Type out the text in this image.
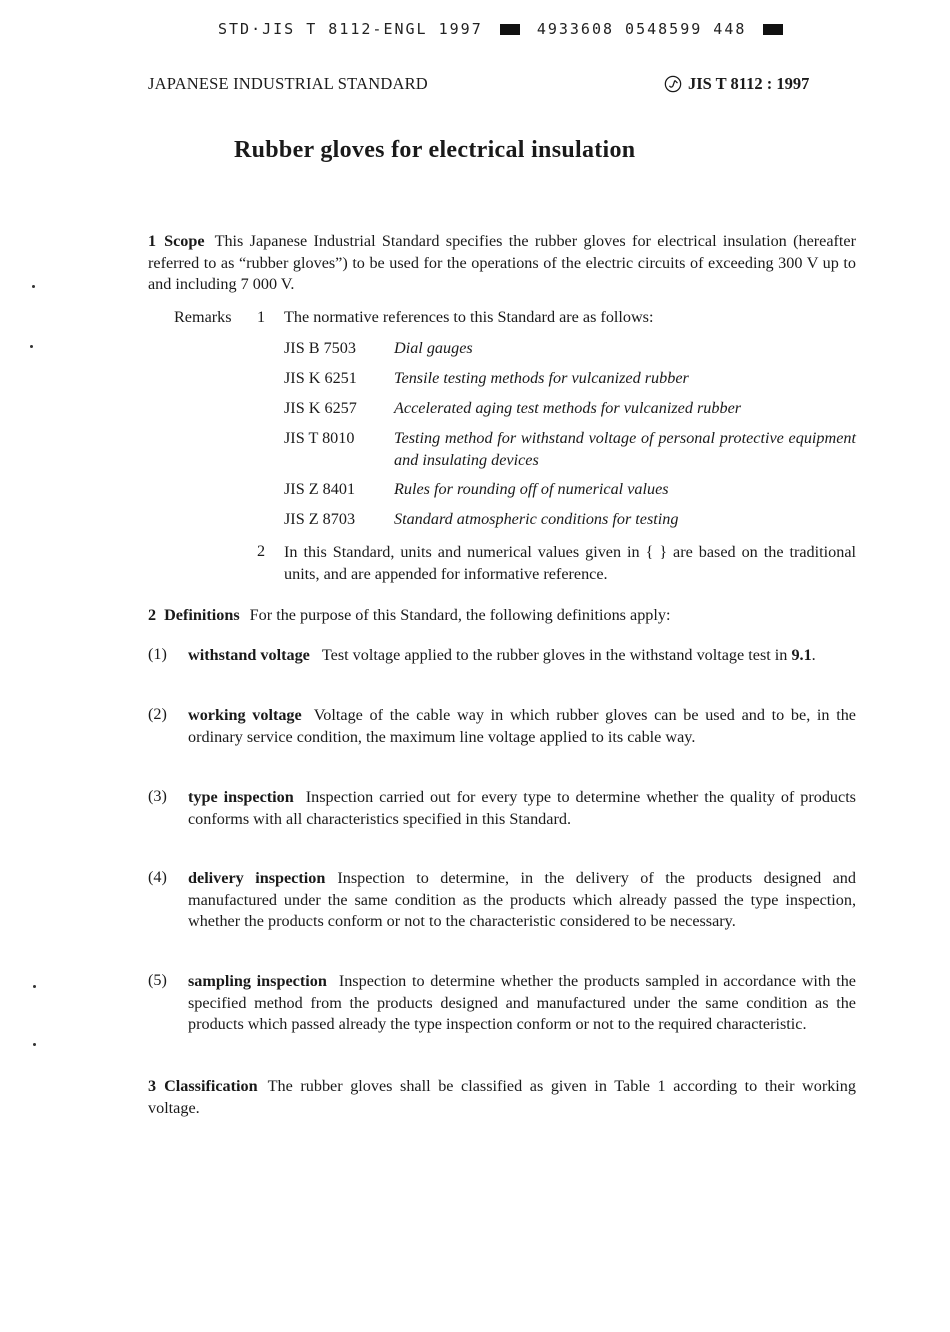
STD·JIS T 8112-ENGL 1997	4933608 0548599 448
JAPANESE INDUSTRIAL STANDARD	JIS T 8112 : 1997
Rubber gloves for electrical insulation
1 Scope This Japanese Industrial Standard specifies the rubber gloves for electrical insulation (hereafter referred to as “rubber gloves”) to be used for the operations of the electric circuits of exceeding 300 V up to and including 7 000 V.
Remarks 1 The normative references to this Standard are as follows:
JIS B 7503	Dial gauges
JIS K 6251	Tensile testing methods for vulcanized rubber
JIS K 6257	Accelerated aging test methods for vulcanized rubber
JIS T 8010	Testing method for withstand voltage of personal protective equipment and insulating devices
JIS Z 8401	Rules for rounding off of numerical values
JIS Z 8703	Standard atmospheric conditions for testing
2 In this Standard, units and numerical values given in { } are based on the traditional units, and are appended for informative reference.
2 Definitions For the purpose of this Standard, the following definitions apply:
(1) withstand voltage Test voltage applied to the rubber gloves in the withstand voltage test in 9.1.
(2) working voltage Voltage of the cable way in which rubber gloves can be used and to be, in the ordinary service condition, the maximum line voltage applied to its cable way.
(3) type inspection Inspection carried out for every type to determine whether the quality of products conforms with all characteristics specified in this Standard.
(4) delivery inspection Inspection to determine, in the delivery of the products designed and manufactured under the same condition as the products which already passed the type inspection, whether the products conform or not to the characteristic considered to be necessary.
(5) sampling inspection Inspection to determine whether the products sampled in accordance with the specified method from the products designed and manufactured under the same condition as the products which passed already the type inspection conform or not to the required characteristic.
3 Classification The rubber gloves shall be classified as given in Table 1 according to their working voltage.
